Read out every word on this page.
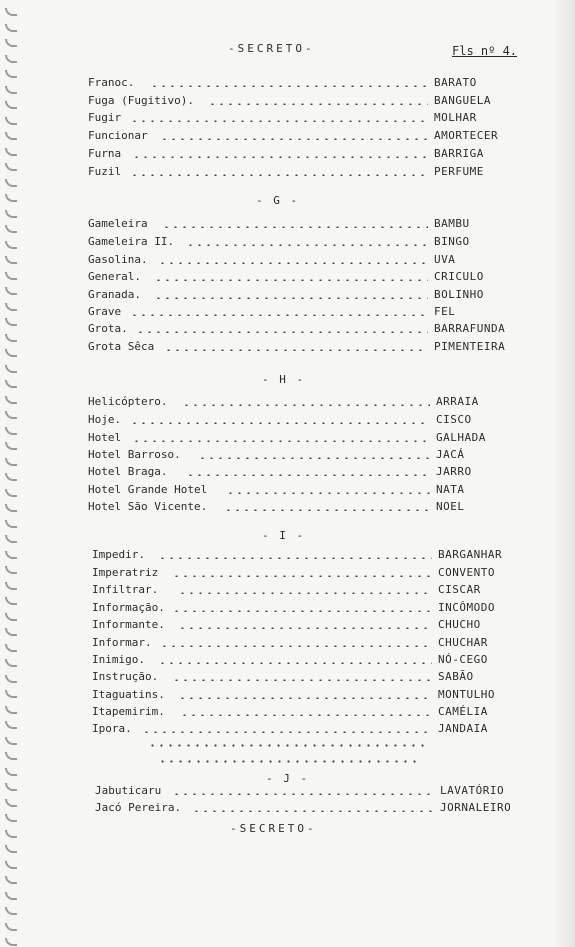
-SECRETO-	Fls nº 4.
Franoc.	BARATO
Fuga (Fugitivo).	BANGUELA
Fugir	MOLHAR
Funcionar	AMORTECER
Furna	BARRIGA
Fuzil	PERFUME
- G -
Gameleira	BAMBU
Gameleira II.	BINGO
Gasolina.	UVA
General.	CRICULO
Granada.	BOLINHO
Grave	FEL
Grota.	BARRAFUNDA
Grota Sêca	PIMENTEIRA
- H -
Helicóptero.	ARRAIA
Hoje.	CISCO
Hotel	GALHADA
Hotel Barroso.	JACÁ
Hotel Braga.	JARRO
Hotel Grande Hotel	NATA
Hotel São Vicente.	NOEL
- I -
Impedir.	BARGANHAR
Imperatriz	CONVENTO
Infiltrar.	CISCAR
Informação.	INCÔMODO
Informante.	CHUCHO
Informar.	CHUCHAR
Inimigo.	NÓ-CEGO
Instrução.	SABÃO
Itaguatins.	MONTULHO
Itapemirim.	CAMÉLIA
Ipora.	JANDAIA
- J -
Jabuticaru	LAVATÓRIO
Jacó Pereira.	JORNALEIRO
-SECRETO-
